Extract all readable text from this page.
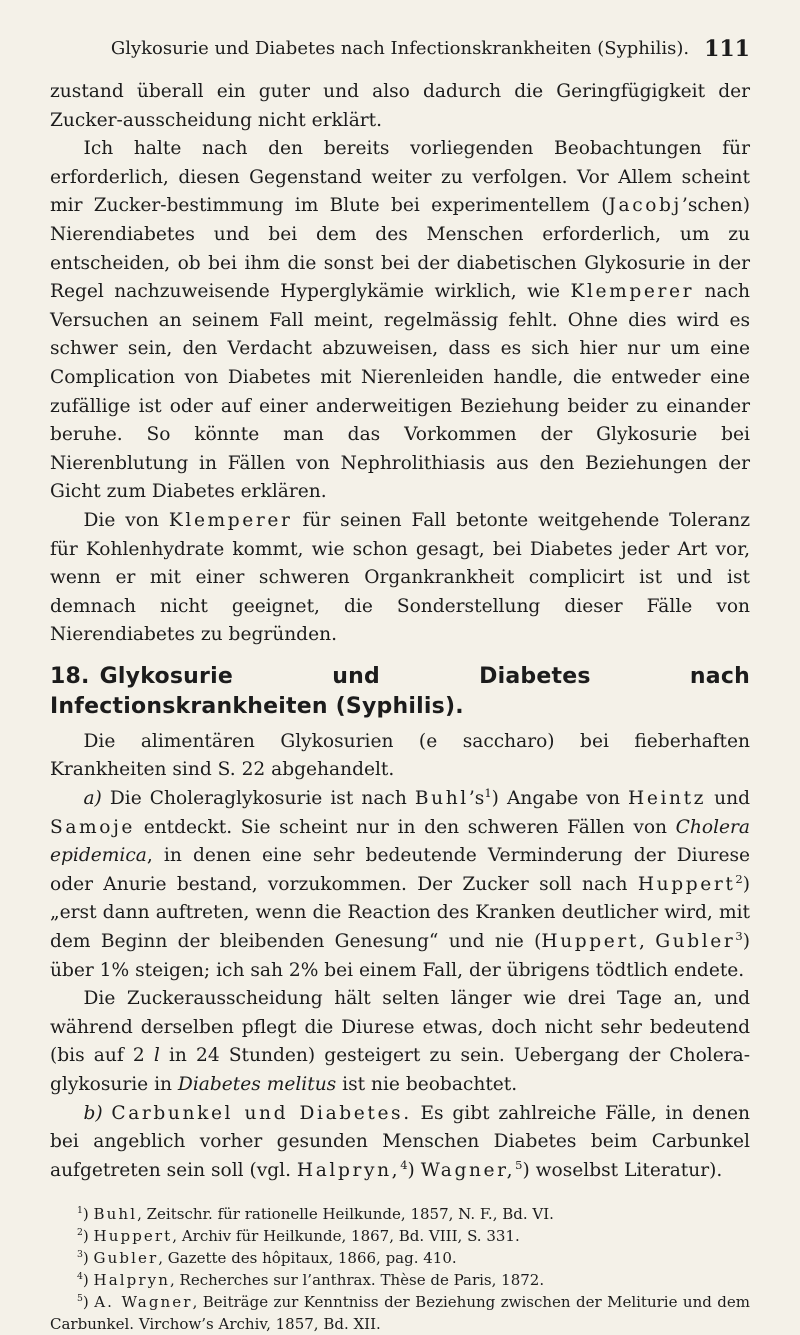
Glykosurie und Diabetes nach Infectionskrankheiten (Syphilis). 111

zustand überall ein guter und also dadurch die Geringfügigkeit der Zucker-ausscheidung nicht erklärt.

Ich halte nach den bereits vorliegenden Beobachtungen für erforderlich, diesen Gegenstand weiter zu verfolgen. Vor Allem scheint mir Zucker-bestimmung im Blute bei experimentellem (Jacobj’schen) Nierendiabetes und bei dem des Menschen erforderlich, um zu entscheiden, ob bei ihm die sonst bei der diabetischen Glykosurie in der Regel nachzuweisende Hyperglykämie wirklich, wie Klemperer nach Versuchen an seinem Fall meint, regelmässig fehlt. Ohne dies wird es schwer sein, den Verdacht abzuweisen, dass es sich hier nur um eine Complication von Diabetes mit Nierenleiden handle, die entweder eine zufällige ist oder auf einer anderweitigen Beziehung beider zu einander beruhe. So könnte man das Vorkommen der Glykosurie bei Nierenblutung in Fällen von Nephrolithiasis aus den Beziehungen der Gicht zum Diabetes erklären.

Die von Klemperer für seinen Fall betonte weitgehende Toleranz für Kohlenhydrate kommt, wie schon gesagt, bei Diabetes jeder Art vor, wenn er mit einer schweren Organkrankheit complicirt ist und ist demnach nicht geeignet, die Sonderstellung dieser Fälle von Nierendiabetes zu begründen.

18. Glykosurie und Diabetes nach Infectionskrankheiten (Syphilis).

Die alimentären Glykosurien (e saccharo) bei fieberhaften Krankheiten sind S. 22 abgehandelt.

a) Die Choleraglykosurie ist nach $Buhl’s^1$) Angabe von Heintz und Samoje entdeckt. Sie scheint nur in den schweren Fällen von Cholera epidemica, in denen eine sehr bedeutende Verminderung der Diurese oder Anurie bestand, vorzukommen. Der Zucker soll nach Huppert$^2$) „erst dann auftreten, wenn die Reaction des Kranken deutlicher wird, mit dem Beginn der bleibenden Genesung“ und nie (Huppert, Gubler$^3$) über 1% steigen; ich sah 2% bei einem Fall, der übrigens tödtlich endete.

Die Zuckerausscheidung hält selten länger wie drei Tage an, und während derselben pflegt die Diurese etwas, doch nicht sehr bedeutend (bis auf 2 l in 24 Stunden) gesteigert zu sein. Uebergang der Cholera-glykosurie in Diabetes melitus ist nie beobachtet.

b) Carbunkel und Diabetes. Es gibt zahlreiche Fälle, in denen bei angeblich vorher gesunden Menschen Diabetes beim Carbunkel aufgetreten sein soll (vgl. Halpryn,$^4$) Wagner,$^5$) woselbst Literatur).

$^1$) Buhl, Zeitschr. für rationelle Heilkunde, 1857, N. F., Bd. VI.

$^2$) Huppert, Archiv für Heilkunde, 1867, Bd. VIII, S. 331.

$^3$) Gubler, Gazette des hôpitaux, 1866, pag. 410.

$^4$) Halpryn, Recherches sur l’anthrax. Thèse de Paris, 1872.

$^5$) A. Wagner, Beiträge zur Kenntniss der Beziehung zwischen der Meliturie und dem Carbunkel. Virchow’s Archiv, 1857, Bd. XII.
